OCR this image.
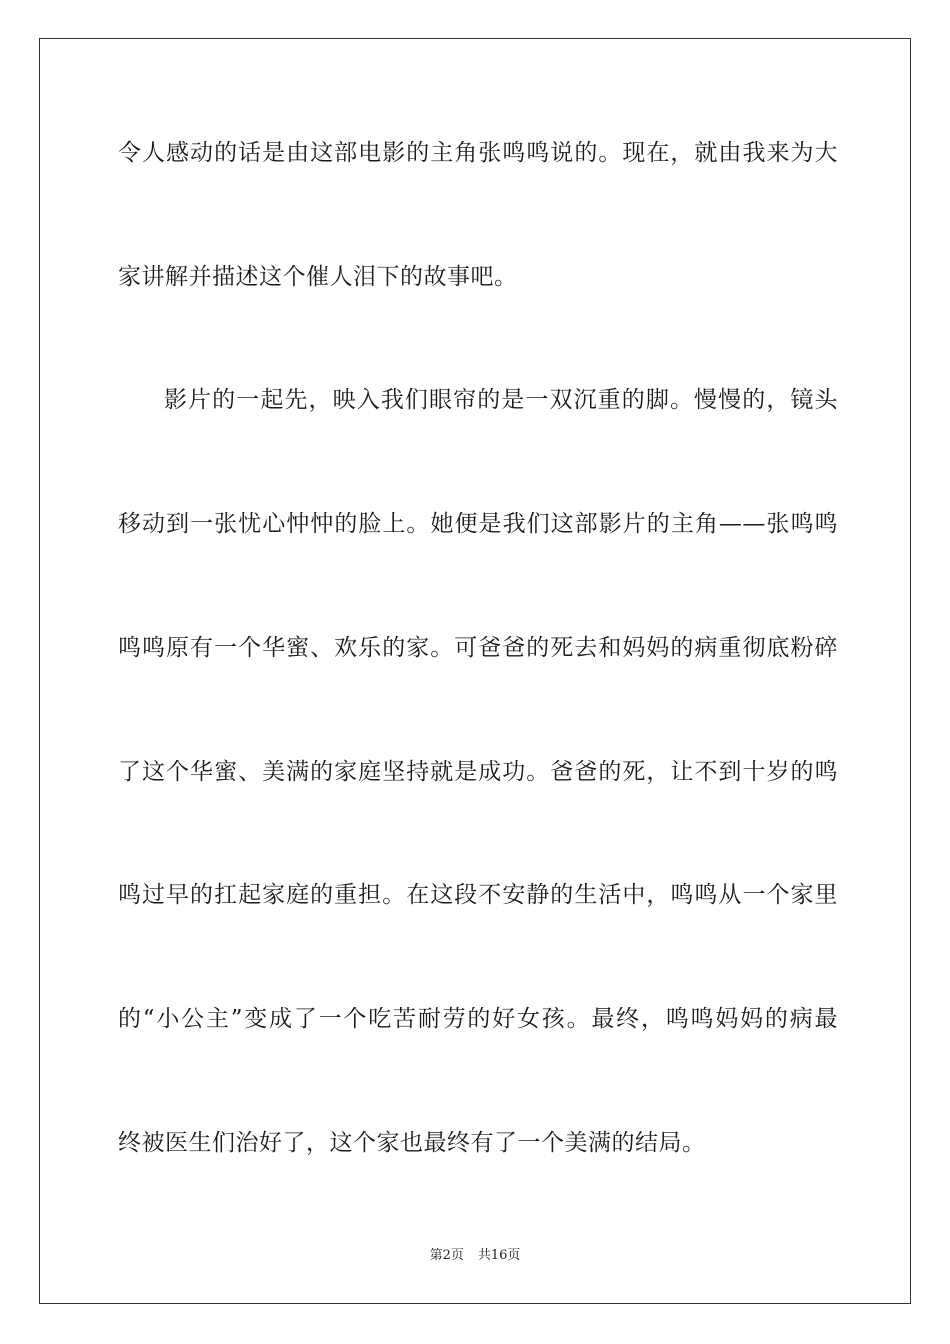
令人感动的话是由这部电影的主角张鸣鸣说的。现在，就由我来为大
家讲解并描述这个催人泪下的故事吧。
影片的一起先，映入我们眼帘的是一双沉重的脚。慢慢的，镜头
移动到一张忧心忡忡的脸上。她便是我们这部影片的主角——张鸣鸣
鸣鸣原有一个华蜜、欢乐的家。可爸爸的死去和妈妈的病重彻底粉碎
了这个华蜜、美满的家庭坚持就是成功。爸爸的死，让不到十岁的鸣
鸣过早的扛起家庭的重担。在这段不安静的生活中，鸣鸣从一个家里
的“小公主”变成了一个吃苦耐劳的好女孩。最终，鸣鸣妈妈的病最
终被医生们治好了，这个家也最终有了一个美满的结局。
第2页 共16页
